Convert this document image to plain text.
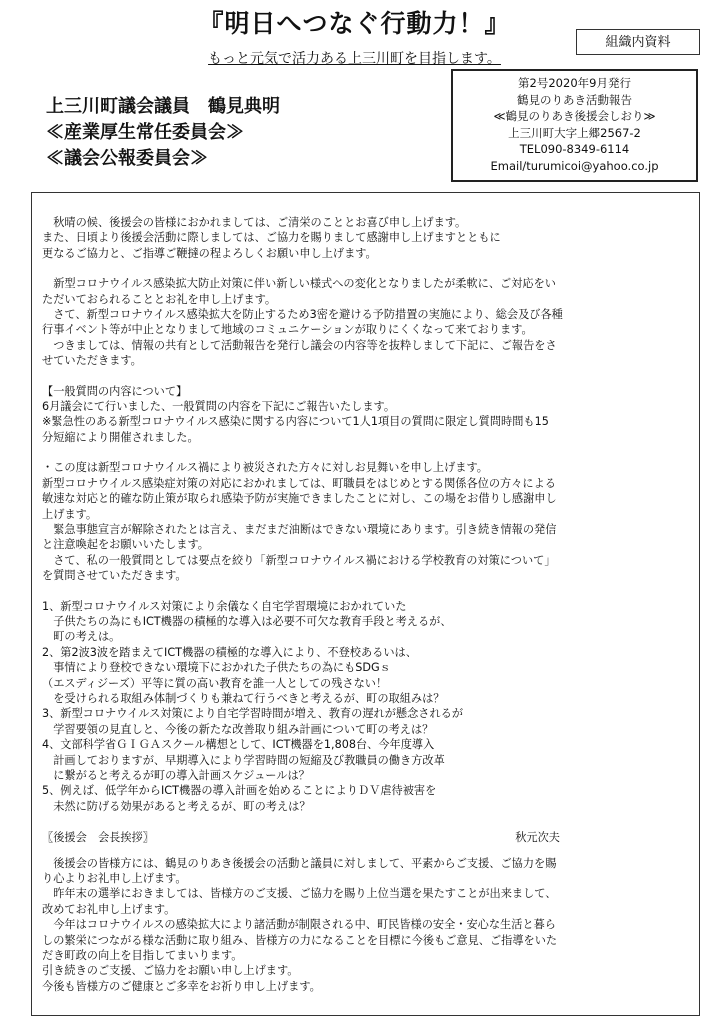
『明日へつなぐ行動力！』
もっと元気で活力ある上三川町を目指します。
組織内資料
上三川町議会議員　鶴見典明
≪産業厚生常任委員会≫
≪議会公報委員会≫
第2号2020年9月発行
鶴見のりあき活動報告
≪鶴見のりあき後援会しおり≫
上三川町大字上郷2567-2
TEL090-8349-6114
Email/turumicoi@yahoo.co.jp

　秋晴の候、後援会の皆様におかれましては、ご清栄のこととお喜び申し上げます。

また、日頃より後援会活動に際しましては、ご協力を賜りまして感謝申し上げますとともに

更なるご協力と、ご指導ご鞭撻の程よろしくお願い申し上げます。

　新型コロナウイルス感染拡大防止対策に伴い新しい様式への変化となりましたが柔軟に、ご対応をい

ただいておられることとお礼を申し上げます。

　さて、新型コロナウイルス感染拡大を防止するため3密を避ける予防措置の実施により、総会及び各種

行事イベント等が中止となりまして地域のコミュニケーションが取りにくくなって来ております。

　つきましては、情報の共有として活動報告を発行し議会の内容等を抜粋しまして下記に、ご報告をさ

せていただきます。

【一般質問の内容について】

6月議会にて行いました、一般質問の内容を下記にご報告いたします。

※緊急性のある新型コロナウイルス感染に関する内容について1人1項目の質問に限定し質問時間も15

分短縮により開催されました。

・この度は新型コロナウイルス禍により被災された方々に対しお見舞いを申し上げます。

新型コロナウイルス感染症対策の対応におかれましては、町職員をはじめとする関係各位の方々による

敏速な対応と的確な防止策が取られ感染予防が実施できましたことに対し、この場をお借りし感謝申し

上げます。

　緊急事態宣言が解除されたとは言え、まだまだ油断はできない環境にあります。引き続き情報の発信

と注意喚起をお願いいたします。

　さて、私の一般質問としては要点を絞り「新型コロナウイルス禍における学校教育の対策について」

を質問させていただきます。

1、新型コロナウイルス対策により余儀なく自宅学習環境におかれていた

　子供たちの為にもICT機器の積極的な導入は必要不可欠な教育手段と考えるが、

　町の考えは。

2、第2波3波を踏まえてICT機器の積極的な導入により、不登校あるいは、

　事情により登校できない環境下におかれた子供たちの為にもSDGｓ

（エスディジーズ）平等に質の高い教育を誰一人としての残さない！

　を受けられる取組み体制づくりも兼ねて行うべきと考えるが、町の取組みは？

3、新型コロナウイルス対策により自宅学習時間が増え、教育の遅れが懸念されるが

　学習要領の見直しと、今後の新たな改善取り組み計画について町の考えは？

4、文部科学省ＧＩＧＡスクール構想として、ICT機器を1,808台、今年度導入

　計画しておりますが、早期導入により学習時間の短縮及び教職員の働き方改革

　に繋がると考えるが町の導入計画スケジュールは？

5、例えば、低学年からICT機器の導入計画を始めることによりＤＶ虐待被害を

　未然に防げる効果があると考えるが、町の考えは？

〖後援会　会長挨拶〗	秋元次夫

　後援会の皆様方には、鶴見のりあき後援会の活動と議員に対しまして、平素からご支援、ご協力を賜

り心よりお礼申し上げます。

　昨年末の選挙におきましては、皆様方のご支援、ご協力を賜り上位当選を果たすことが出来まして、

改めてお礼申し上げます。

　今年はコロナウイルスの感染拡大により諸活動が制限される中、町民皆様の安全・安心な生活と暮ら

しの繁栄につながる様な活動に取り組み、皆様方の力になることを目標に今後もご意見、ご指導をいた

だき町政の向上を目指してまいります。

引き続きのご支援、ご協力をお願い申し上げます。

今後も皆様方のご健康とご多幸をお祈り申し上げます。
